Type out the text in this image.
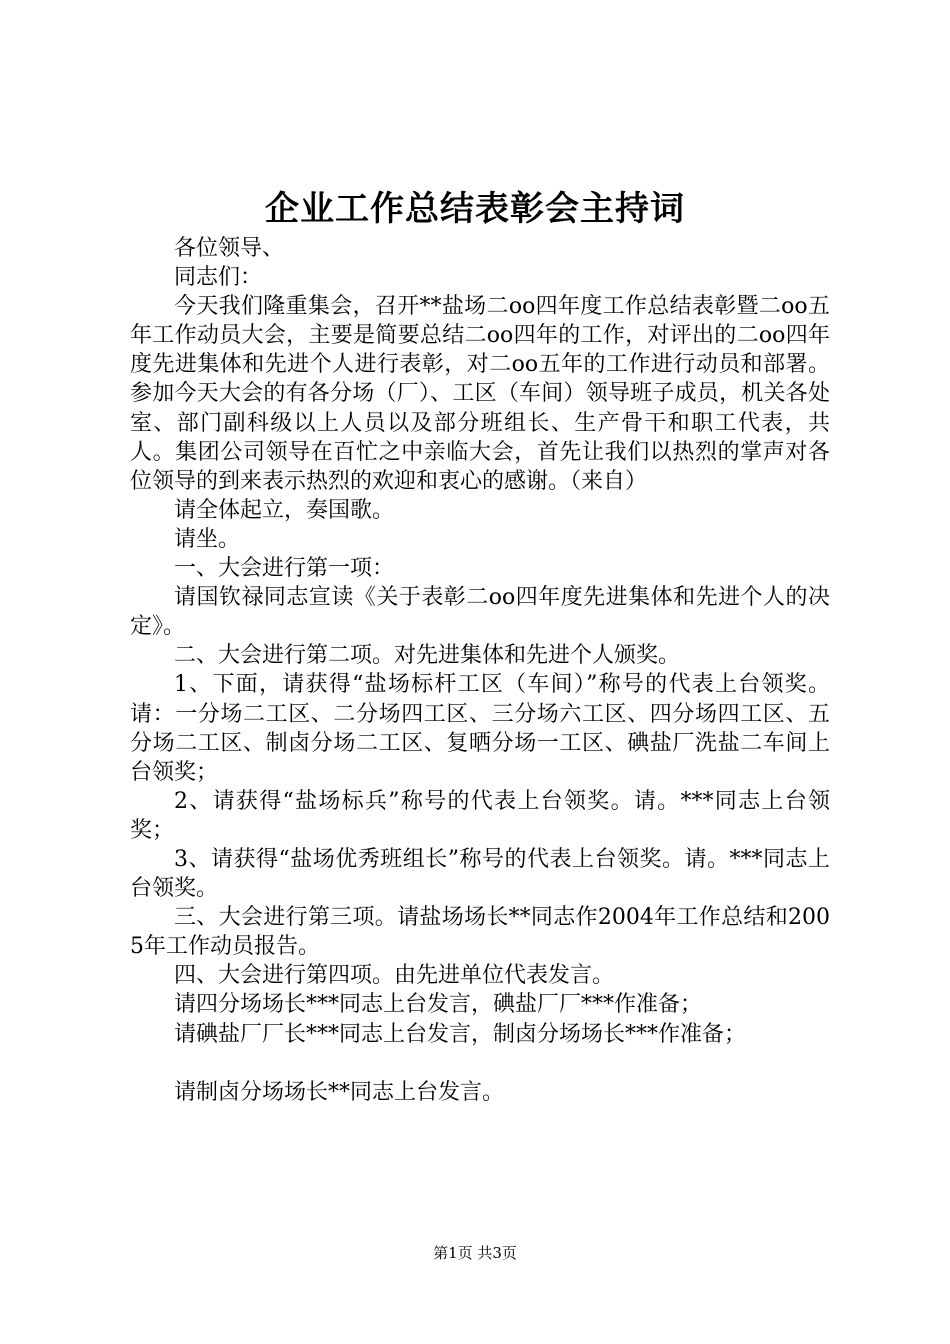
企业工作总结表彰会主持词

各位领导、

同志们：

今天我们隆重集会，召开**盐场二oo四年度工作总结表彰暨二oo五年工作动员大会，主要是简要总结二oo四年的工作，对评出的二oo四年度先进集体和先进个人进行表彰，对二oo五年的工作进行动员和部署。参加今天大会的有各分场（厂）、工区（车间）领导班子成员，机关各处室、部门副科级以上人员以及部分班组长、生产骨干和职工代表，共人。集团公司领导在百忙之中亲临大会，首先让我们以热烈的掌声对各位领导的到来表示热烈的欢迎和衷心的感谢。（来自）

请全体起立，奏国歌。

请坐。

一、大会进行第一项：

请国钦禄同志宣读《关于表彰二oo四年度先进集体和先进个人的决定》。

二、大会进行第二项。对先进集体和先进个人颁奖。

1、下面，请获得“盐场标杆工区（车间）”称号的代表上台领奖。请：一分场二工区、二分场四工区、三分场六工区、四分场四工区、五分场二工区、制卤分场二工区、复晒分场一工区、碘盐厂洗盐二车间上台领奖；

2、请获得“盐场标兵”称号的代表上台领奖。请。***同志上台领奖；

3、请获得“盐场优秀班组长”称号的代表上台领奖。请。***同志上台领奖。

三、大会进行第三项。请盐场场长**同志作2004年工作总结和2005年工作动员报告。

四、大会进行第四项。由先进单位代表发言。

请四分场场长***同志上台发言，碘盐厂厂***作准备；

请碘盐厂厂长***同志上台发言，制卤分场场长***作准备；

请制卤分场场长**同志上台发言。

第1页 共3页
